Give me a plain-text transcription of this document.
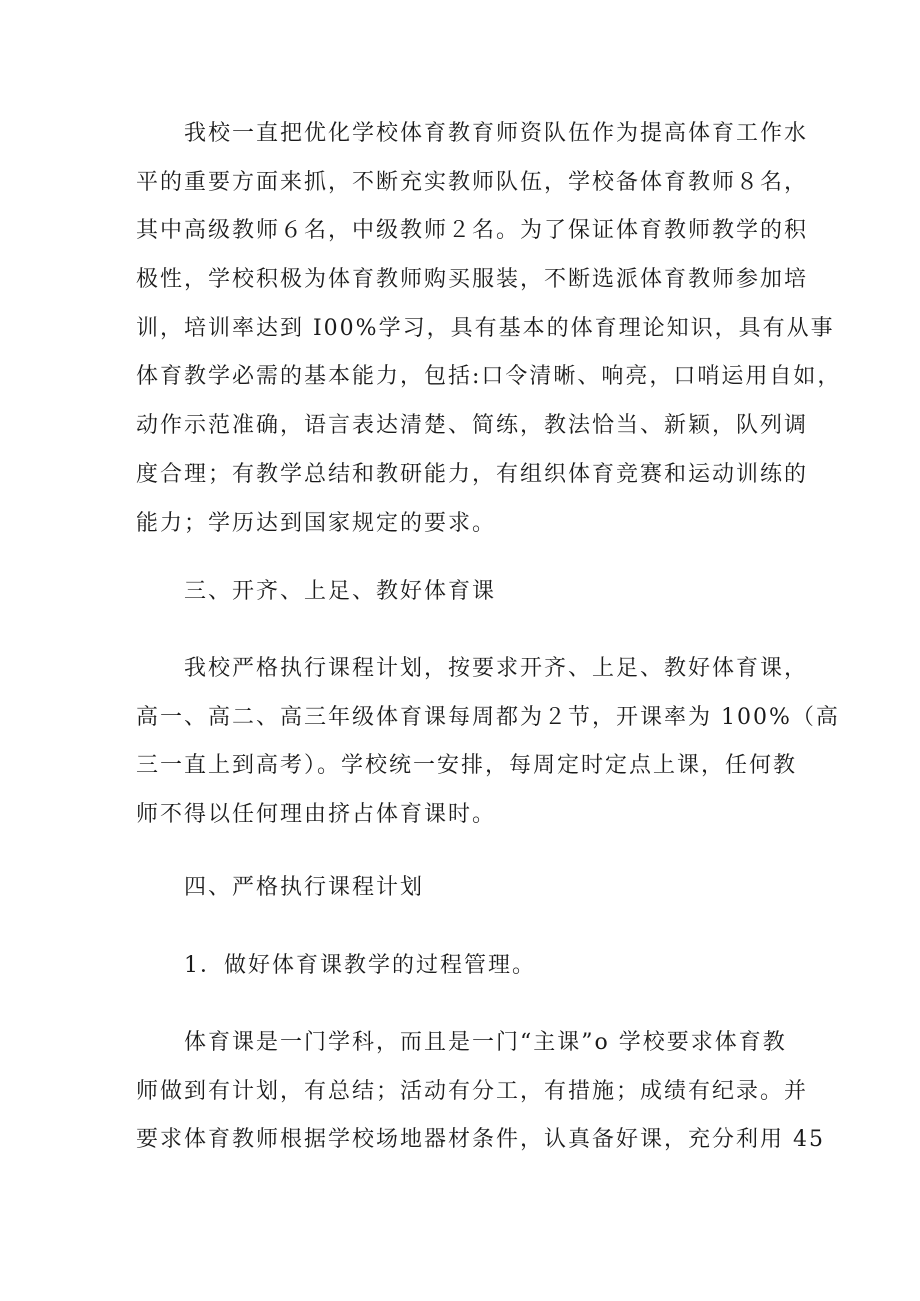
我校一直把优化学校体育教育师资队伍作为提高体育工作水
平的重要方面来抓，不断充实教师队伍，学校备体育教师８名，
其中高级教师６名，中级教师２名。为了保证体育教师教学的积
极性，学校积极为体育教师购买服装，不断选派体育教师参加培
训，培训率达到 I00%学习，具有基本的体育理论知识，具有从事
体育教学必需的基本能力，包括:口令清晰、响亮，口哨运用自如，
动作示范准确，语言表达清楚、简练，教法恰当、新颖，队列调
度合理；有教学总结和教研能力，有组织体育竞赛和运动训练的
能力；学历达到国家规定的要求。
三、开齐、上足、教好体育课
我校严格执行课程计划，按要求开齐、上足、教好体育课，
高一、高二、高三年级体育课每周都为２节，开课率为 100%（高
三一直上到高考）。学校统一安排，每周定时定点上课，任何教
师不得以任何理由挤占体育课时。
四、严格执行课程计划
1．做好体育课教学的过程管理。
体育课是一门学科，而且是一门“主课”o 学校要求体育教
师做到有计划，有总结；活动有分工，有措施；成绩有纪录。并
要求体育教师根据学校场地器材条件，认真备好课，充分利用 45
